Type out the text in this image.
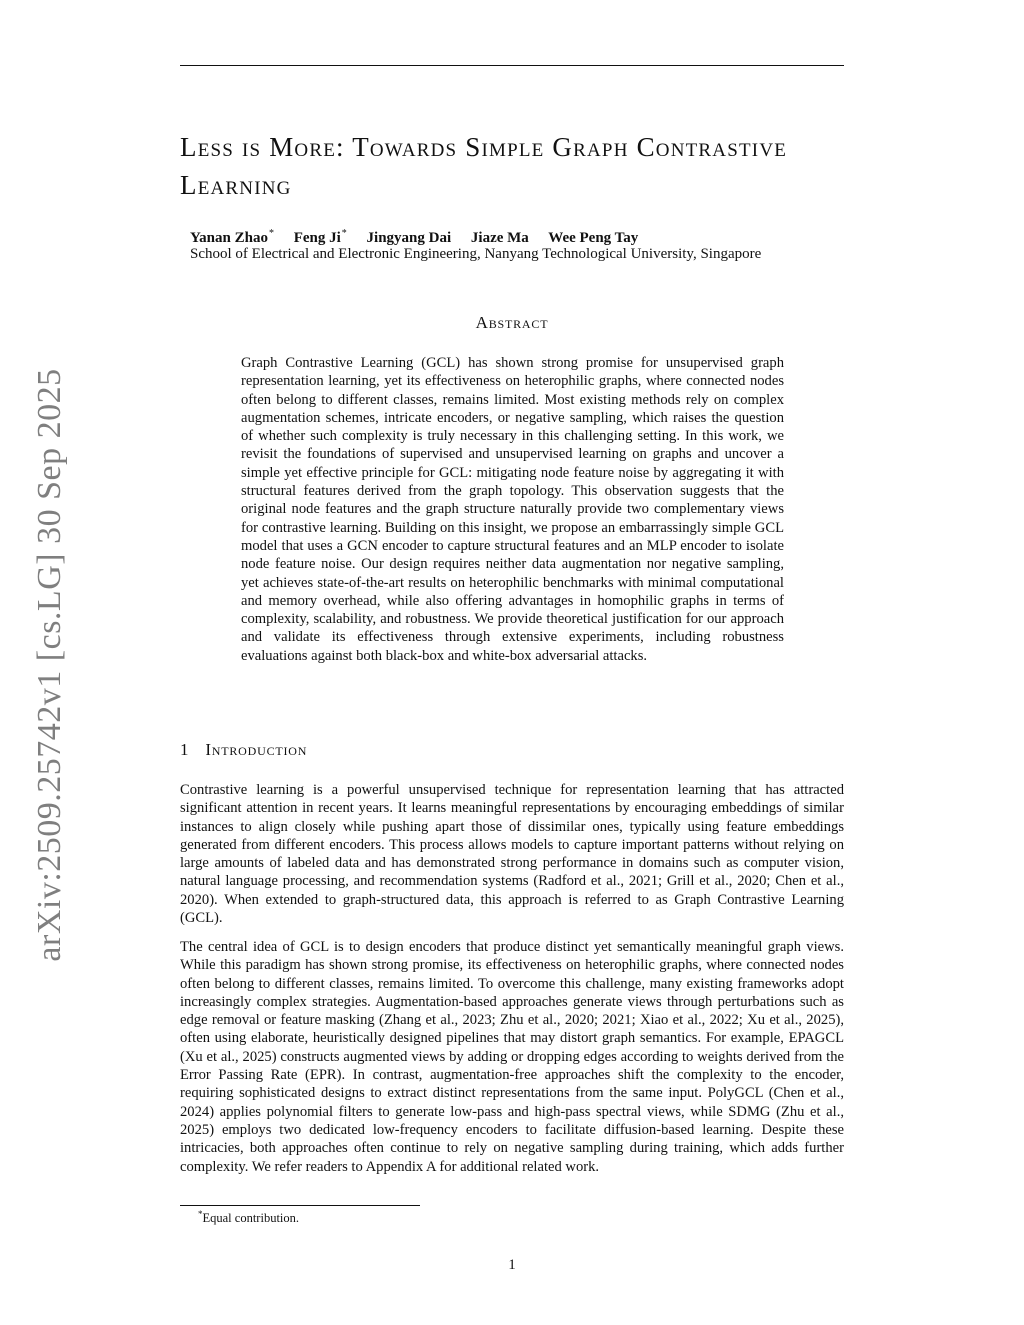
Less is More: Towards Simple Graph Contrastive Learning
Yanan Zhao* Feng Ji* Jingyang Dai Jiaze Ma Wee Peng Tay
School of Electrical and Electronic Engineering, Nanyang Technological University, Singapore
Abstract

Graph Contrastive Learning (GCL) has shown strong promise for unsupervised graph representation learning, yet its effectiveness on heterophilic graphs, where connected nodes often belong to different classes, remains limited. Most existing methods rely on complex augmentation schemes, intricate encoders, or negative sampling, which raises the question of whether such complexity is truly necessary in this challenging setting. In this work, we revisit the foundations of supervised and unsupervised learning on graphs and uncover a simple yet effective principle for GCL: mitigating node feature noise by aggregating it with structural features derived from the graph topology. This observation suggests that the original node features and the graph structure naturally provide two complementary views for contrastive learning. Building on this insight, we propose an embarrassingly simple GCL model that uses a GCN encoder to capture structural features and an MLP encoder to isolate node feature noise. Our design requires neither data augmentation nor negative sampling, yet achieves state-of-the-art results on heterophilic benchmarks with minimal computational and memory overhead, while also offering advantages in homophilic graphs in terms of complexity, scalability, and robustness. We provide theoretical justification for our approach and validate its effectiveness through extensive experiments, including robustness evaluations against both black-box and white-box adversarial attacks.

1 Introduction

Contrastive learning is a powerful unsupervised technique for representation learning that has attracted significant attention in recent years. It learns meaningful representations by encouraging embeddings of similar instances to align closely while pushing apart those of dissimilar ones, typically using feature embeddings generated from different encoders. This process allows models to capture important patterns without relying on large amounts of labeled data and has demonstrated strong performance in domains such as computer vision, natural language processing, and recommendation systems (Radford et al., 2021; Grill et al., 2020; Chen et al., 2020). When extended to graph-structured data, this approach is referred to as Graph Contrastive Learning (GCL).

The central idea of GCL is to design encoders that produce distinct yet semantically meaningful graph views. While this paradigm has shown strong promise, its effectiveness on heterophilic graphs, where connected nodes often belong to different classes, remains limited. To overcome this challenge, many existing frameworks adopt increasingly complex strategies. Augmentation-based approaches generate views through perturbations such as edge removal or feature masking (Zhang et al., 2023; Zhu et al., 2020; 2021; Xiao et al., 2022; Xu et al., 2025), often using elaborate, heuristically designed pipelines that may distort graph semantics. For example, EPAGCL (Xu et al., 2025) constructs augmented views by adding or dropping edges according to weights derived from the Error Passing Rate (EPR). In contrast, augmentation-free approaches shift the complexity to the encoder, requiring sophisticated designs to extract distinct representations from the same input. PolyGCL (Chen et al., 2024) applies polynomial filters to generate low-pass and high-pass spectral views, while SDMG (Zhu et al., 2025) employs two dedicated low-frequency encoders to facilitate diffusion-based learning. Despite these intricacies, both approaches often continue to rely on negative sampling during training, which adds further complexity. We refer readers to Appendix A for additional related work.

*Equal contribution.
1
arXiv:2509.25742v1 [cs.LG] 30 Sep 2025
